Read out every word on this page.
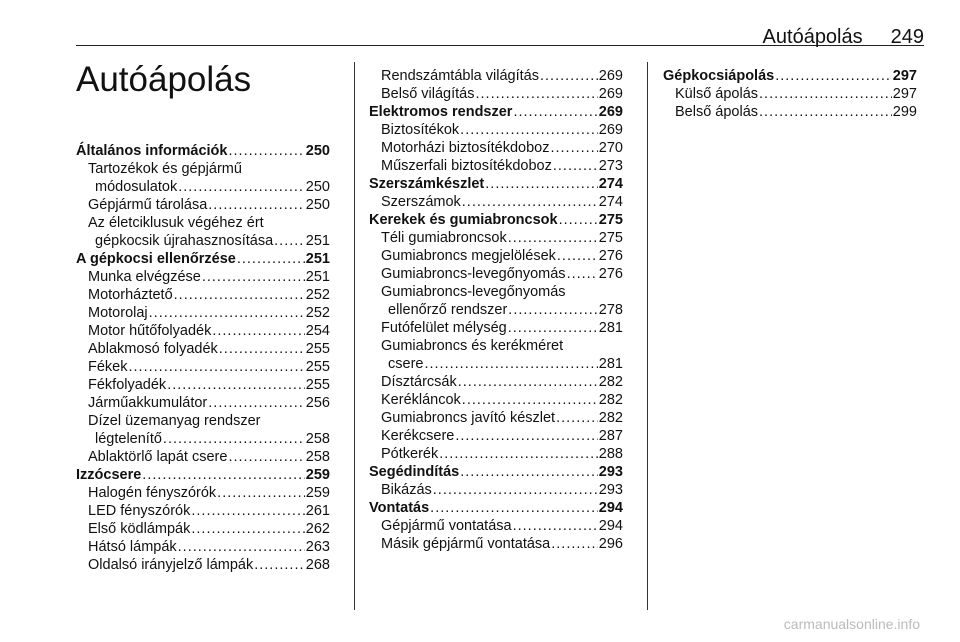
Autóápolás 249
Autóápolás
Általános információk .....	250
Tartozékok és gépjármű
módosulatok .....	250
Gépjármű tárolása .....	250
Az életciklusuk végéhez ért
gépkocsik újrahasznosítása ..... 251
A gépkocsi ellenőrzése .....	251
Munka elvégzése .....	251
Motorháztető .....	252
Motorolaj .....	252
Motor hűtőfolyadék .....	254
Ablakmosó folyadék .....	255
Fékek .....	255
Fékfolyadék .....	255
Járműakkumulátor .....	256
Dízel üzemanyag rendszer
légtelenítő .....	258
Ablaktörlő lapát csere .....	258
Izzócsere .....	259
Halogén fényszórók .....	259
LED fényszórók .....	261
Első ködlámpák .....	262
Hátsó lámpák .....	263
Oldalsó irányjelző lámpák .....	268
Rendszámtábla világítás .....	269
Belső világítás .....	269
Elektromos rendszer .....	269
Biztosítékok .....	269
Motorházi biztosítékdoboz .....	270
Műszerfali biztosítékdoboz .....	273
Szerszámkészlet .....	274
Szerszámok .....	274
Kerekek és gumiabroncsok .....	275
Téli gumiabroncsok .....	275
Gumiabroncs megjelölések .....	276
Gumiabroncs-levegőnyomás ..... 276
Gumiabroncs-levegőnyomás
ellenőrző rendszer .....	278
Futófelület mélység .....	281
Gumiabroncs és kerékméret
csere .....	281
Dísztárcsák .....	282
Kerékláncok .....	282
Gumiabroncs javító készlet .....	282
Kerékcsere .....	287
Pótkerék .....	288
Segédindítás .....	293
Bikázás .....	293
Vontatás .....	294
Gépjármű vontatása .....	294
Másik gépjármű vontatása .....	296
Gépkocsiápolás .....	297
Külső ápolás .....	297
Belső ápolás .....	299
carmanualsonline.info
